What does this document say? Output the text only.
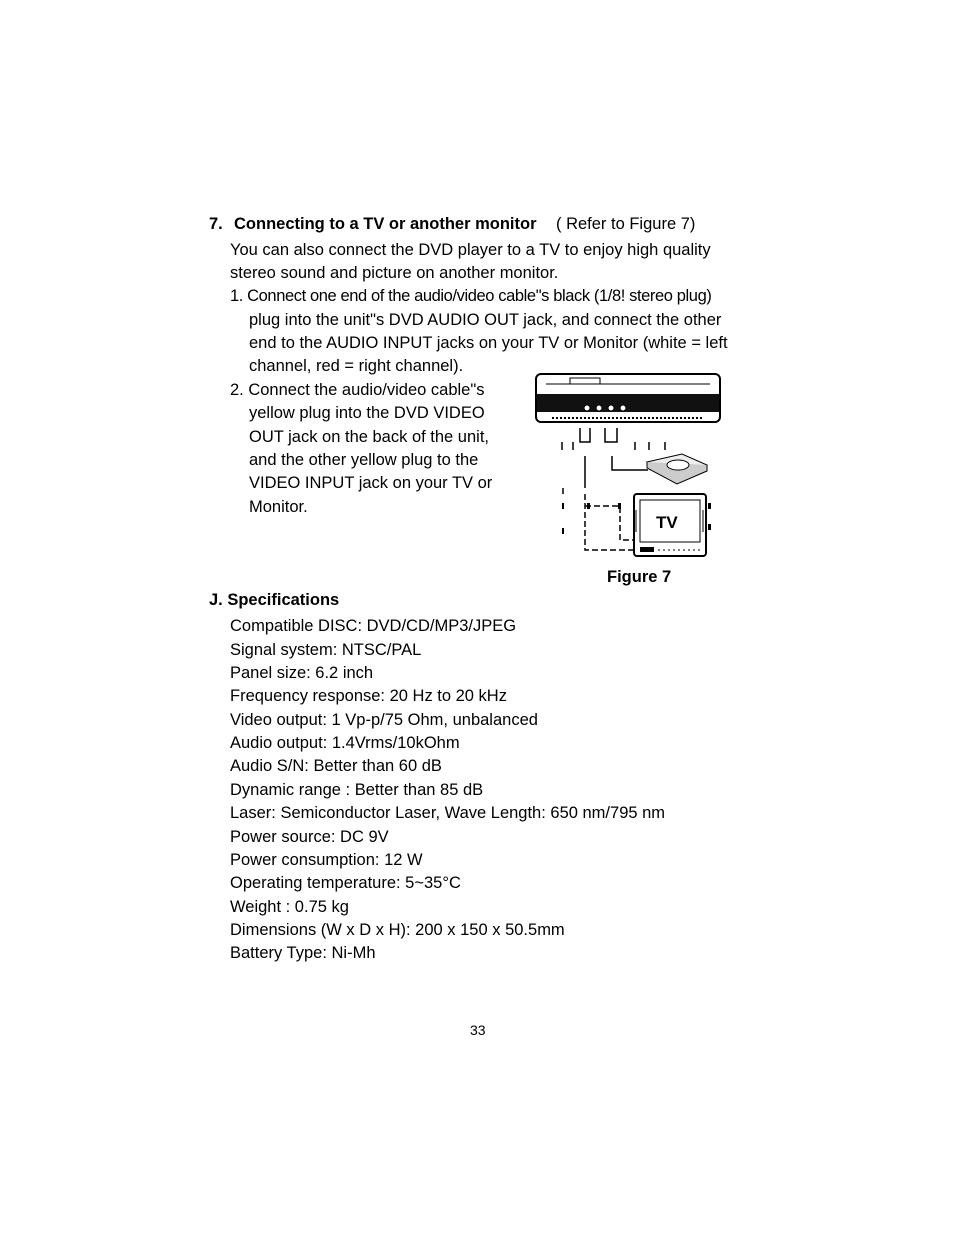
7. Connecting to a TV or another monitor ( Refer to Figure 7)
You can also connect the DVD player to a TV to enjoy high quality
stereo sound and picture on another monitor.
1. Connect one end of the audio/video cable"s black (1/8! stereo plug)
plug into the unit"s DVD AUDIO OUT jack, and connect the other
end to the AUDIO INPUT jacks on your TV or Monitor (white = left
channel, red = right channel).
2. Connect the audio/video cable"s
yellow plug into the DVD VIDEO
OUT jack on the back of the unit,
and the other yellow plug to the
VIDEO INPUT jack on your TV or
Monitor.
TV
Figure 7
J. Specifications
Compatible DISC: DVD/CD/MP3/JPEG
Signal system: NTSC/PAL
Panel size: 6.2 inch
Frequency response: 20 Hz to 20 kHz
Video output: 1 Vp-p/75 Ohm, unbalanced
Audio output: 1.4Vrms/10kOhm
Audio S/N: Better than 60 dB
Dynamic range : Better than 85 dB
Laser: Semiconductor Laser, Wave Length: 650 nm/795 nm
Power source: DC 9V
Power consumption: 12 W
Operating temperature: 5~35°C
Weight : 0.75 kg
Dimensions (W x D x H): 200 x 150 x 50.5mm
Battery Type: Ni-Mh
33
